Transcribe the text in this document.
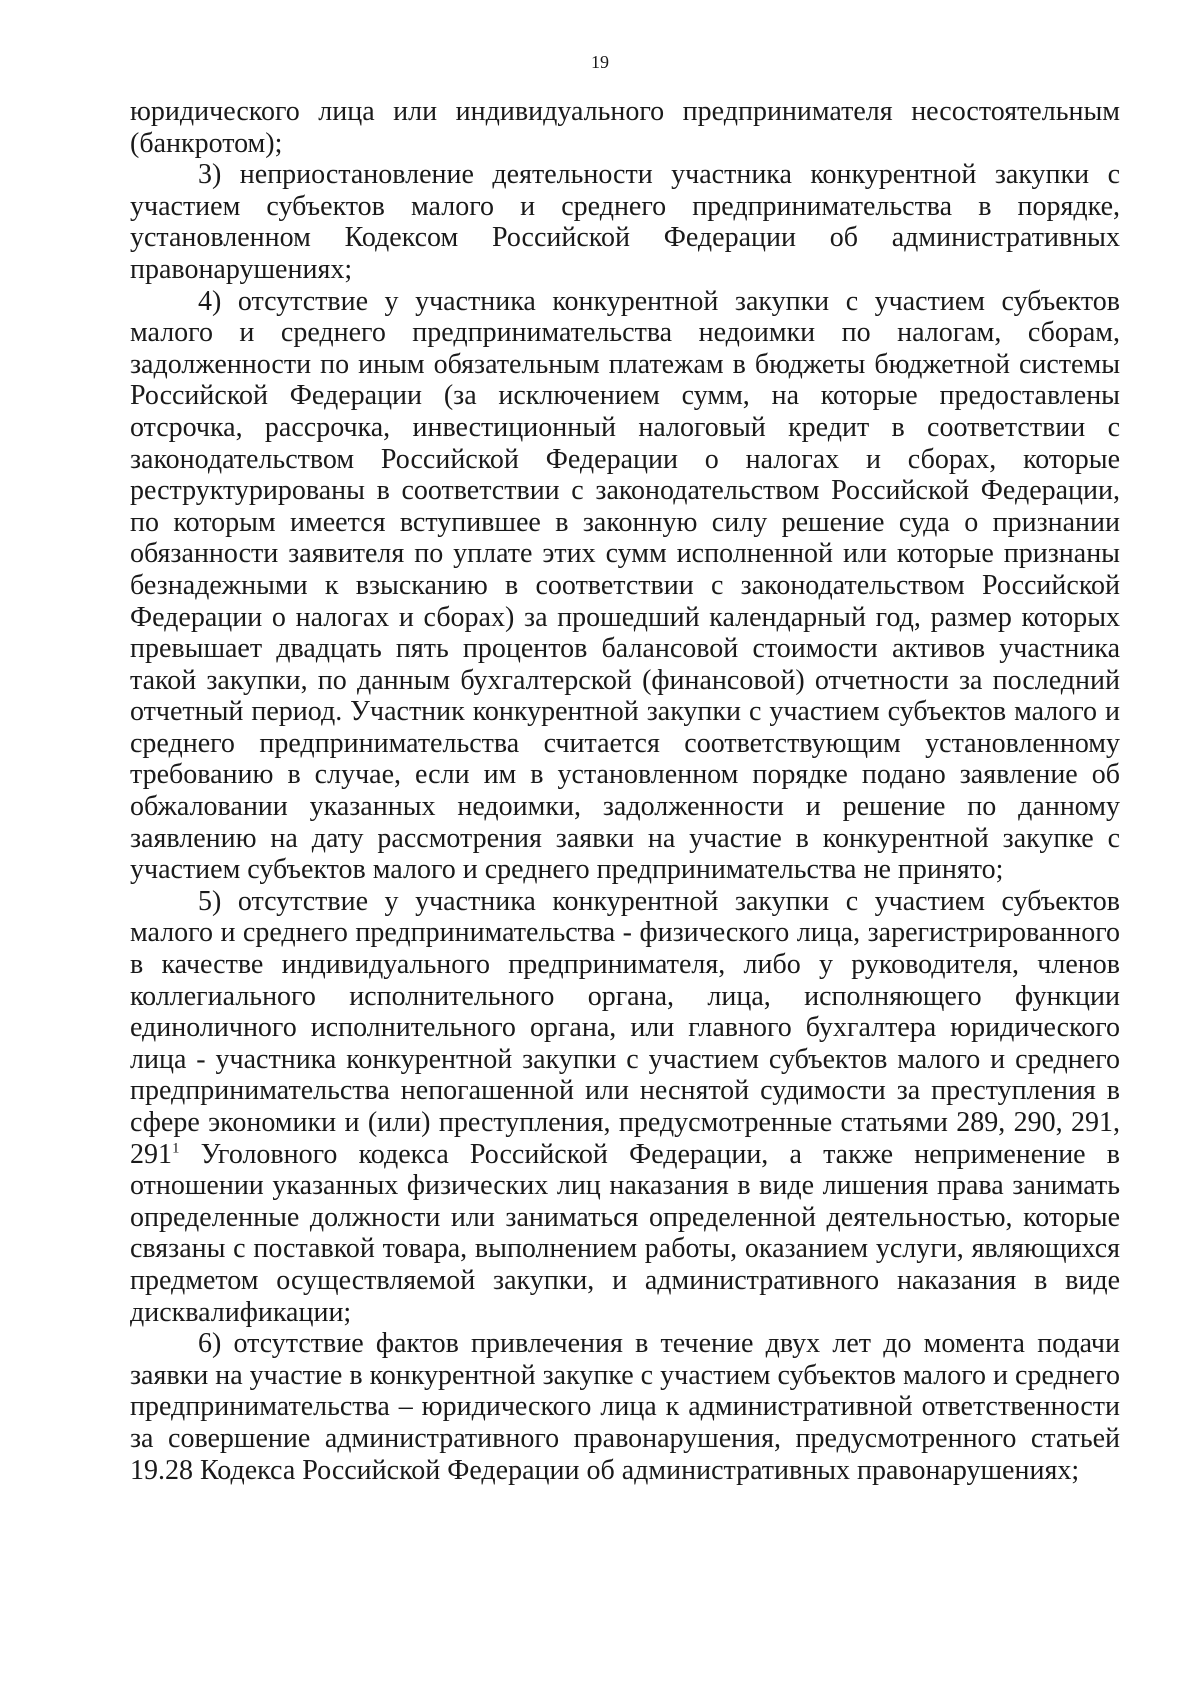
19

юридического лица или индивидуального предпринимателя несостоятельным (банкротом);

3) неприостановление деятельности участника конкурентной закупки с участием субъектов малого и среднего предпринимательства в порядке, установленном Кодексом Российской Федерации об административных правонарушениях;

4) отсутствие у участника конкурентной закупки с участием субъектов малого и среднего предпринимательства недоимки по налогам, сборам, задолженности по иным обязательным платежам в бюджеты бюджетной системы Российской Федерации (за исключением сумм, на которые предоставлены отсрочка, рассрочка, инвестиционный налоговый кредит в соответствии с законодательством Российской Федерации о налогах и сборах, которые реструктурированы в соответствии с законодательством Российской Федерации, по которым имеется вступившее в законную силу решение суда о признании обязанности заявителя по уплате этих сумм исполненной или которые признаны безнадежными к взысканию в соответствии с законодательством Российской Федерации о налогах и сборах) за прошедший календарный год, размер которых превышает двадцать пять процентов балансовой стоимости активов участника такой закупки, по данным бухгалтерской (финансовой) отчетности за последний отчетный период. Участник конкурентной закупки с участием субъектов малого и среднего предпринимательства считается соответствующим установленному требованию в случае, если им в установленном порядке подано заявление об обжаловании указанных недоимки, задолженности и решение по данному заявлению на дату рассмотрения заявки на участие в конкурентной закупке с участием субъектов малого и среднего предпринимательства не принято;

5) отсутствие у участника конкурентной закупки с участием субъектов малого и среднего предпринимательства - физического лица, зарегистрированного в качестве индивидуального предпринимателя, либо у руководителя, членов коллегиального исполнительного органа, лица, исполняющего функции единоличного исполнительного органа, или главного бухгалтера юридического лица - участника конкурентной закупки с участием субъектов малого и среднего предпринимательства непогашенной или неснятой судимости за преступления в сфере экономики и (или) преступления, предусмотренные статьями 289, 290, 291, $291^1$ Уголовного кодекса Российской Федерации, а также неприменение в отношении указанных физических лиц наказания в виде лишения права занимать определенные должности или заниматься определенной деятельностью, которые связаны с поставкой товара, выполнением работы, оказанием услуги, являющихся предметом осуществляемой закупки, и административного наказания в виде дисквалификации;

6) отсутствие фактов привлечения в течение двух лет до момента подачи заявки на участие в конкурентной закупке с участием субъектов малого и среднего предпринимательства – юридического лица к административной ответственности за совершение административного правонарушения, предусмотренного статьей 19.28 Кодекса Российской Федерации об административных правонарушениях;
